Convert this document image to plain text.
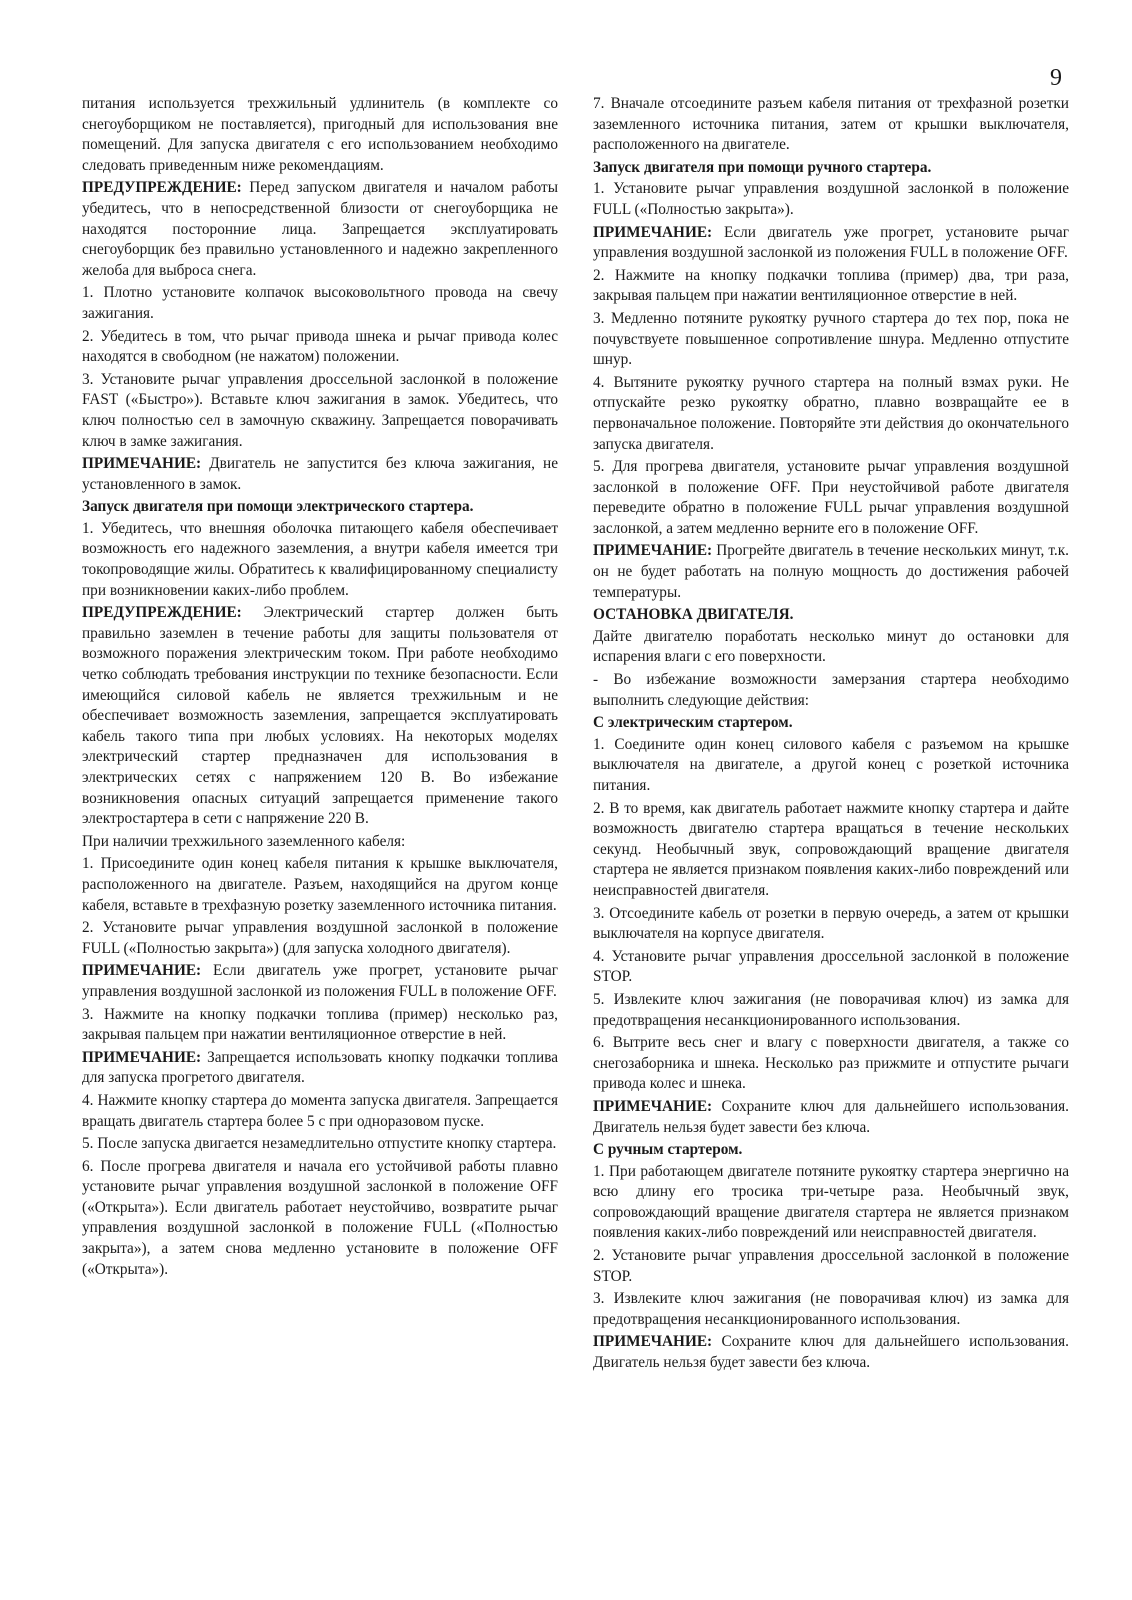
9

питания используется трехжильный удлинитель (в комплекте со снегоуборщиком не поставляется), пригодный для использования вне помещений. Для запуска двигателя с его использованием необходимо следовать приведенным ниже рекомендациям.

ПРЕДУПРЕЖДЕНИЕ: Перед запуском двигателя и началом работы убедитесь, что в непосредственной близости от снегоуборщика не находятся посторонние лица. Запрещается эксплуатировать снегоуборщик без правильно установленного и надежно закрепленного желоба для выброса снега.

1. Плотно установите колпачок высоковольтного провода на свечу зажигания.

2. Убедитесь в том, что рычаг привода шнека и рычаг привода колес находятся в свободном (не нажатом) положении.

3. Установите рычаг управления дроссельной заслонкой в положение FAST («Быстро»). Вставьте ключ зажигания в замок. Убедитесь, что ключ полностью сел в замочную скважину. Запрещается поворачивать ключ в замке зажигания.

ПРИМЕЧАНИЕ: Двигатель не запустится без ключа зажигания, не установленного в замок.

Запуск двигателя при помощи электрического стартера.

1. Убедитесь, что внешняя оболочка питающего кабеля обеспечивает возможность его надежного заземления, а внутри кабеля имеется три токопроводящие жилы. Обратитесь к квалифицированному специалисту при возникновении каких-либо проблем.

ПРЕДУПРЕЖДЕНИЕ: Электрический стартер должен быть правильно заземлен в течение работы для защиты пользователя от возможного поражения электрическим током. При работе необходимо четко соблюдать требования инструкции по технике безопасности. Если имеющийся силовой кабель не является трехжильным и не обеспечивает возможность заземления, запрещается эксплуатировать кабель такого типа при любых условиях. На некоторых моделях электрический стартер предназначен для использования в электрических сетях с напряжением 120 В. Во избежание возникновения опасных ситуаций запрещается применение такого электростартера в сети с напряжение 220 В.

При наличии трехжильного заземленного кабеля:

1. Присоедините один конец кабеля питания к крышке выключателя, расположенного на двигателе. Разъем, находящийся на другом конце кабеля, вставьте в трехфазную розетку заземленного источника питания.

2. Установите рычаг управления воздушной заслонкой в положение FULL («Полностью закрыта») (для запуска холодного двигателя).

ПРИМЕЧАНИЕ: Если двигатель уже прогрет, установите рычаг управления воздушной заслонкой из положения FULL в положение OFF.

3. Нажмите на кнопку подкачки топлива (пример) несколько раз, закрывая пальцем при нажатии вентиляционное отверстие в ней.

ПРИМЕЧАНИЕ: Запрещается использовать кнопку подкачки топлива для запуска прогретого двигателя.

4. Нажмите кнопку стартера до момента запуска двигателя. Запрещается вращать двигатель стартера более 5 с при одноразовом пуске.

5. После запуска двигается незамедлительно отпустите кнопку стартера.

6. После прогрева двигателя и начала его устойчивой работы плавно установите рычаг управления воздушной заслонкой в положение OFF («Открыта»). Если двигатель работает неустойчиво, возвратите рычаг управления воздушной заслонкой в положение FULL («Полностью закрыта»), а затем снова медленно установите в положение OFF («Открыта»).

7. Вначале отсоедините разъем кабеля питания от трехфазной розетки заземленного источника питания, затем от крышки выключателя, расположенного на двигателе.

Запуск двигателя при помощи ручного стартера.

1. Установите рычаг управления воздушной заслонкой в положение FULL («Полностью закрыта»).

ПРИМЕЧАНИЕ: Если двигатель уже прогрет, установите рычаг управления воздушной заслонкой из положения FULL в положение OFF.

2. Нажмите на кнопку подкачки топлива (пример) два, три раза, закрывая пальцем при нажатии вентиляционное отверстие в ней.

3. Медленно потяните рукоятку ручного стартера до тех пор, пока не почувствуете повышенное сопротивление шнура. Медленно отпустите шнур.

4. Вытяните рукоятку ручного стартера на полный взмах руки. Не отпускайте резко рукоятку обратно, плавно возвращайте ее в первоначальное положение. Повторяйте эти действия до окончательного запуска двигателя.

5. Для прогрева двигателя, установите рычаг управления воздушной заслонкой в положение OFF. При неустойчивой работе двигателя переведите обратно в положение FULL рычаг управления воздушной заслонкой, а затем медленно верните его в положение OFF.

ПРИМЕЧАНИЕ: Прогрейте двигатель в течение нескольких минут, т.к. он не будет работать на полную мощность до достижения рабочей температуры.

ОСТАНОВКА ДВИГАТЕЛЯ.

Дайте двигателю поработать несколько минут до остановки для испарения влаги с его поверхности.

- Во избежание возможности замерзания стартера необходимо выполнить следующие действия:

С электрическим стартером.

1. Соедините один конец силового кабеля с разъемом на крышке выключателя на двигателе, а другой конец с розеткой источника питания.

2. В то время, как двигатель работает нажмите кнопку стартера и дайте возможность двигателю стартера вращаться в течение нескольких секунд. Необычный звук, сопровождающий вращение двигателя стартера не является признаком появления каких-либо повреждений или неисправностей двигателя.

3. Отсоедините кабель от розетки в первую очередь, а затем от крышки выключателя на корпусе двигателя.

4. Установите рычаг управления дроссельной заслонкой в положение STOP.

5. Извлеките ключ зажигания (не поворачивая ключ) из замка для предотвращения несанкционированного использования.

6. Вытрите весь снег и влагу с поверхности двигателя, а также со снегозаборника и шнека. Несколько раз прижмите и отпустите рычаги привода колес и шнека.

ПРИМЕЧАНИЕ: Сохраните ключ для дальнейшего использования. Двигатель нельзя будет завести без ключа.

С ручным стартером.

1. При работающем двигателе потяните рукоятку стартера энергично на всю длину его тросика три-четыре раза. Необычный звук, сопровождающий вращение двигателя стартера не является признаком появления каких-либо повреждений или неисправностей двигателя.

2. Установите рычаг управления дроссельной заслонкой в положение STOP.

3. Извлеките ключ зажигания (не поворачивая ключ) из замка для предотвращения несанкционированного использования.

ПРИМЕЧАНИЕ: Сохраните ключ для дальнейшего использования. Двигатель нельзя будет завести без ключа.
